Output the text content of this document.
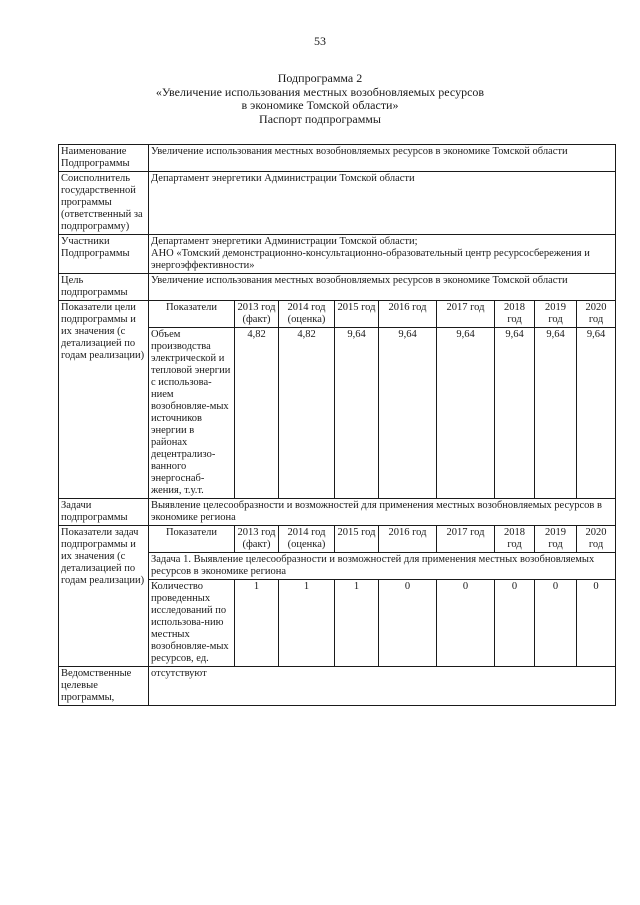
53
Подпрограмма 2
«Увеличение использования местных возобновляемых ресурсов
в экономике Томской области»
Паспорт подпрограммы
Наименование Подпрограммы	Увеличение использования местных возобновляемых ресурсов в экономике Томской области								
Соисполнитель государственной программы (ответственный за подпрограмму)	Департамент энергетики Администрации Томской области								
Участники Подпрограммы	Департамент энергетики Администрации Томской области;
АНО «Томский демонстрационно-консультационно-образовательный центр ресурсосбережения и энергоэффективности»								

Цель подпрограммы	Увеличение использования местных возобновляемых ресурсов в экономике Томской области								
Показатели цели подпрограммы и их значения (с детализацией по годам реализации)	Показатели	2013 год (факт)	2014 год (оценка)	2015 год	2016 год	2017 год	2018 год	2019 год	2020 год
	Объем производства электрической и тепловой энергии с использова-нием возобновляе-мых источников энергии в районах децентрализо-ванного энергоснаб-жения, т.у.т.	4,82	4,82	9,64	9,64	9,64	9,64	9,64	9,64
Задачи подпрограммы	Выявление целесообразности и возможностей для применения местных возобновляемых ресурсов в экономике региона								
Показатели задач подпрограммы и их значения (с детализацией по годам реализации)	Показатели	2013 год (факт)	2014 год (оценка)	2015 год	2016 год	2017 год	2018 год	2019 год	2020 год
	Задача 1. Выявление целесообразности и возможностей для применения местных возобновляемых ресурсов в экономике региона								
	Количество проведенных исследований по использова-нию местных возобновляе-мых ресурсов, ед.	1	1	1	0	0	0	0	0
Ведомственные целевые программы,	отсутствуют								
